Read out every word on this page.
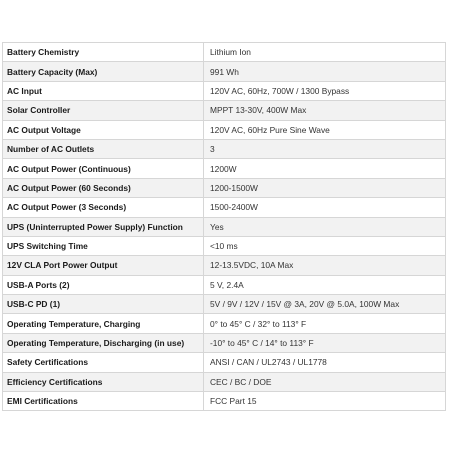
Battery Chemistry	Lithium Ion
Battery Capacity (Max)	991 Wh
AC Input	120V AC, 60Hz, 700W / 1300 Bypass
Solar Controller	MPPT 13-30V, 400W Max
AC Output Voltage	120V AC, 60Hz Pure Sine Wave
Number of AC Outlets	3
AC Output Power (Continuous)	1200W
AC Output Power (60 Seconds)	1200-1500W
AC Output Power (3 Seconds)	1500-2400W
UPS (Uninterrupted Power Supply) Function	Yes
UPS Switching Time	<10 ms
12V CLA Port Power Output	12-13.5VDC, 10A Max
USB-A Ports (2)	5 V, 2.4A
USB-C PD (1)	5V / 9V / 12V / 15V @ 3A, 20V @ 5.0A, 100W Max
Operating Temperature, Charging	0° to 45° C / 32° to 113° F
Operating Temperature, Discharging (in use)	-10° to 45° C / 14° to 113° F
Safety Certifications	ANSI / CAN / UL2743 / UL1778
Efficiency Certifications	CEC / BC / DOE
EMI Certifications	FCC Part 15
